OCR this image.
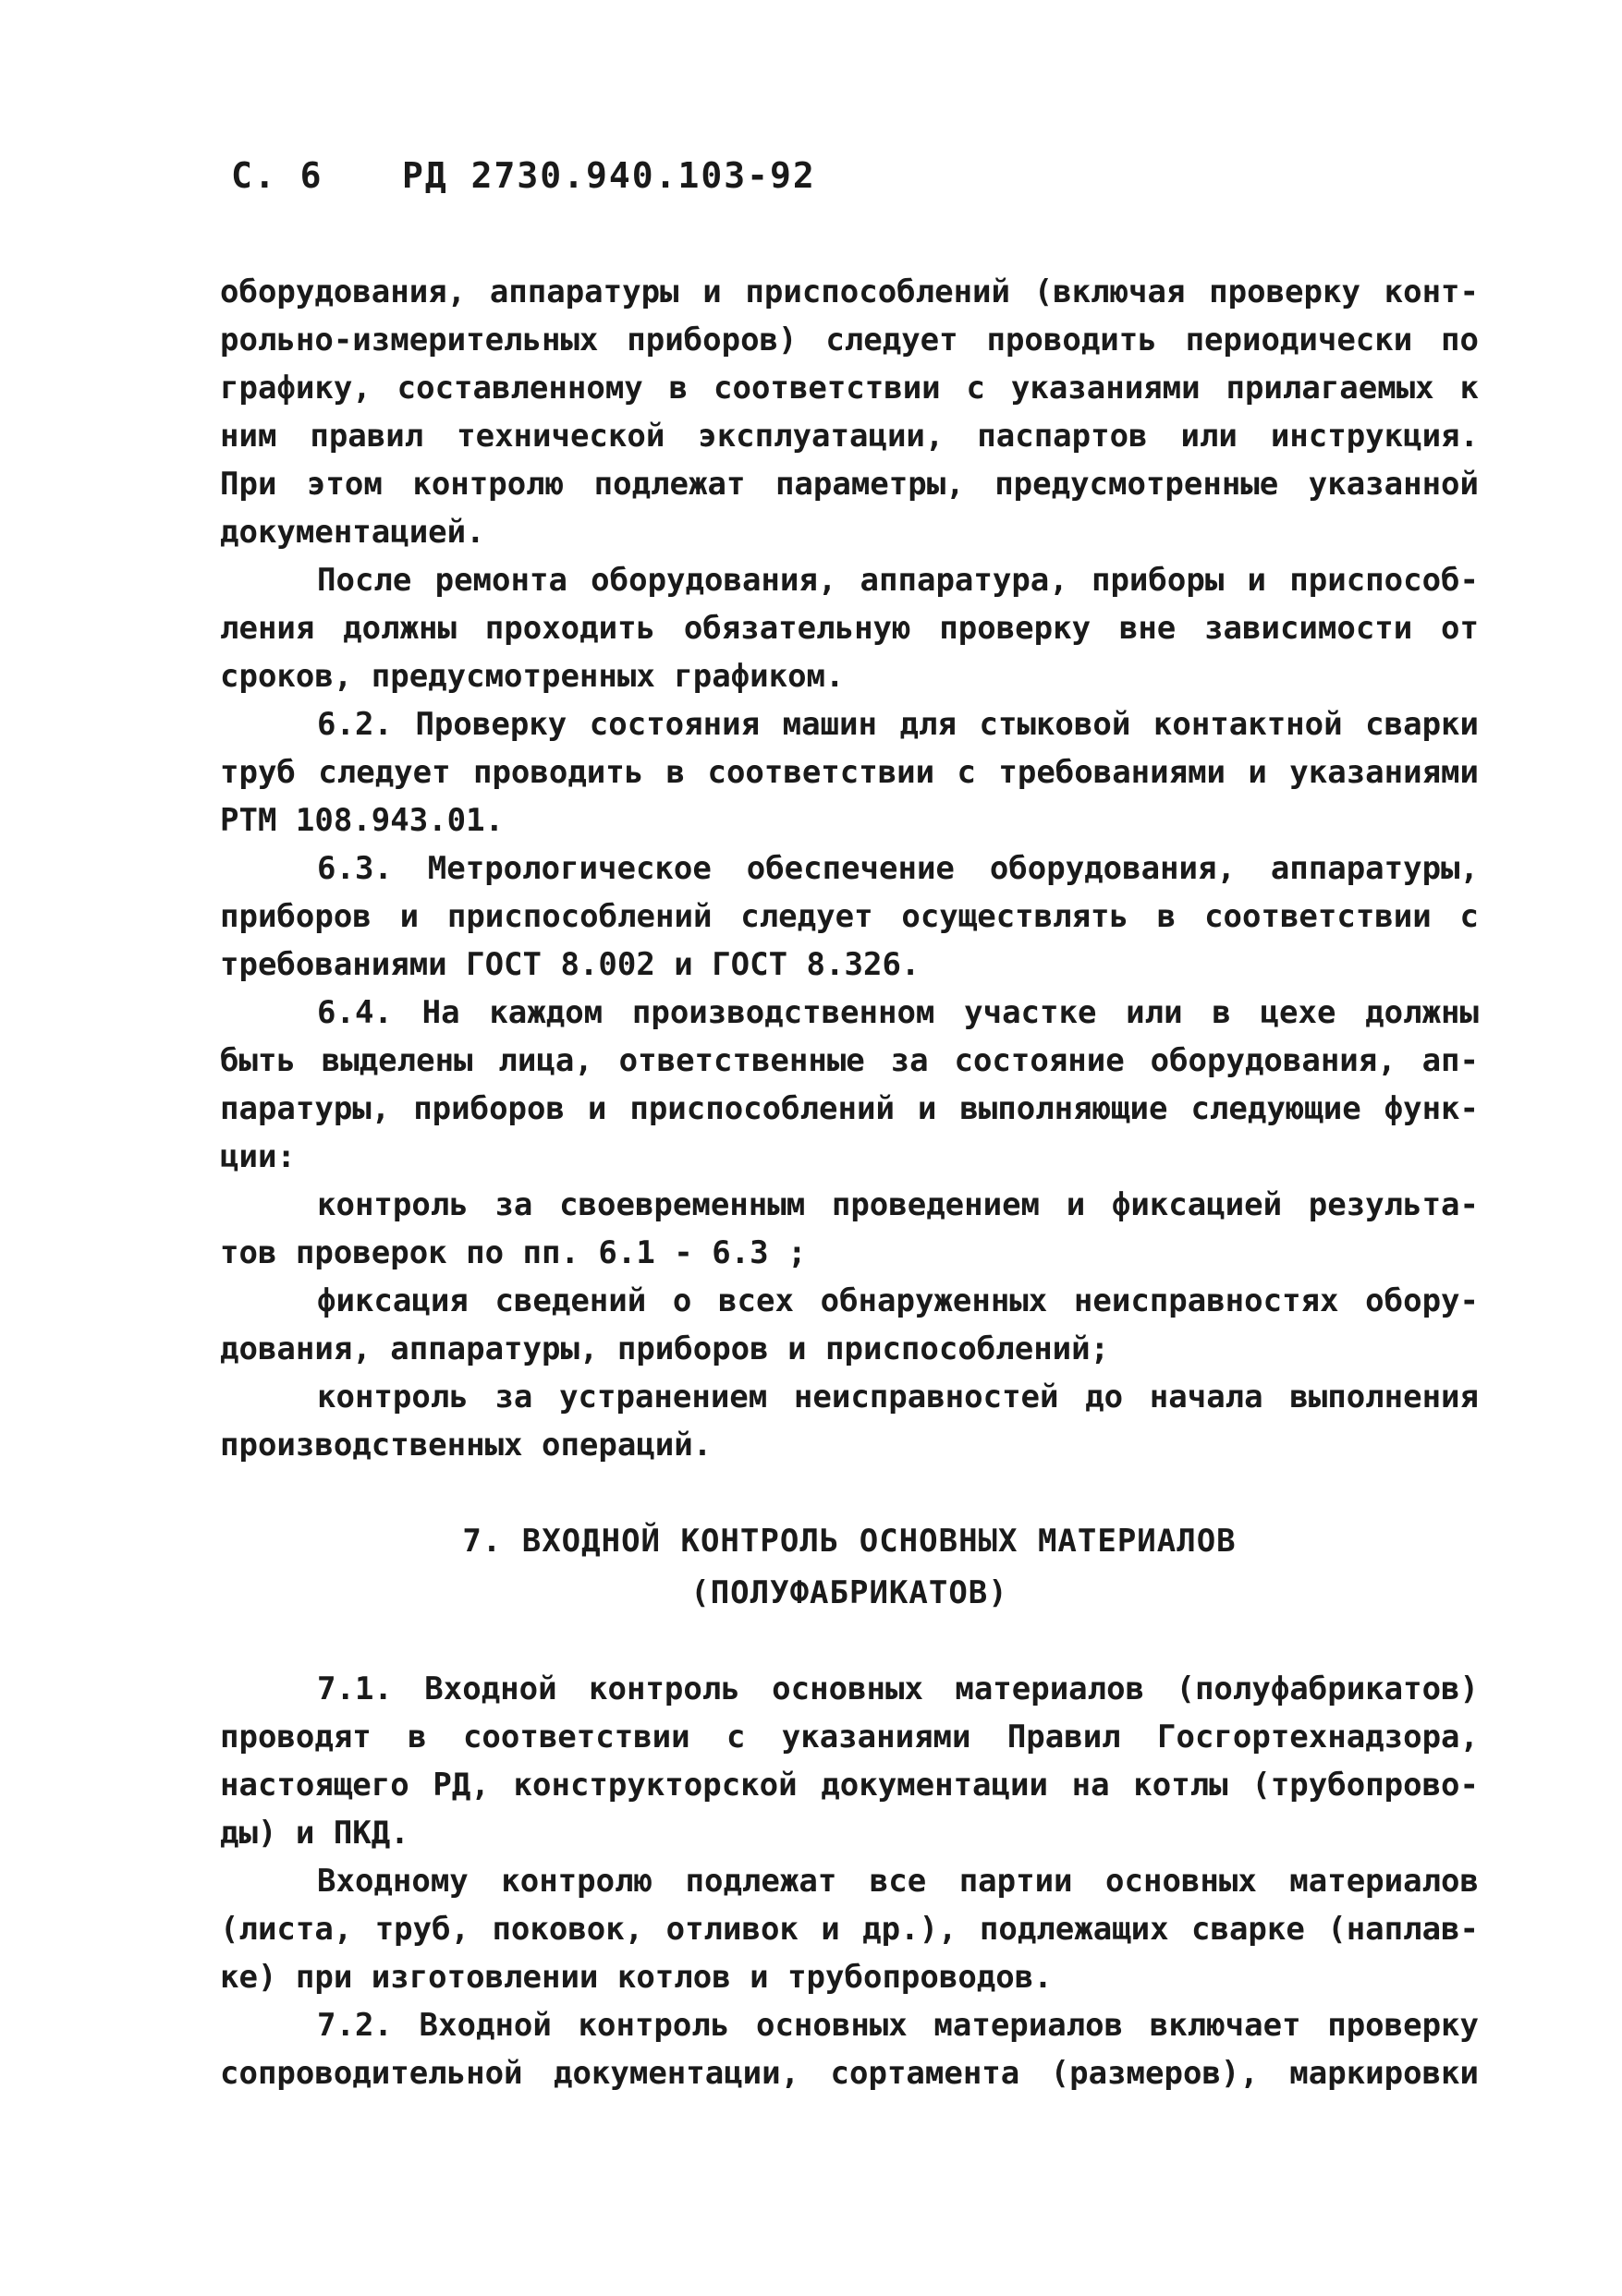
С. 6 РД 2730.940.103-92
оборудования, аппаратуры и приспособлений (включая проверку конт-
рольно-измерительных приборов) следует проводить периодически по
графику, составленному в соответствии с указаниями прилагаемых к
ним правил технической эксплуатации, паспартов или инструкция.
При этом контролю подлежат параметры, предусмотренные указанной
документацией.
После ремонта оборудования, аппаратура, приборы и приспособ-
ления должны проходить обязательную проверку вне зависимости от
сроков, предусмотренных графиком.
6.2. Проверку состояния машин для стыковой контактной сварки
труб следует проводить в соответствии с требованиями и указаниями
РТМ 108.943.01.
6.3. Метрологическое обеспечение оборудования, аппаратуры,
приборов и приспособлений следует осуществлять в соответствии с
требованиями ГОСТ 8.002 и ГОСТ 8.326.
6.4. На каждом производственном участке или в цехе должны
быть выделены лица, ответственные за состояние оборудования, ап-
паратуры, приборов и приспособлений и выполняющие следующие функ-
ции:
контроль за своевременным проведением и фиксацией результа-
тов проверок по пп. 6.1 - 6.3 ;
фиксация сведений о всех обнаруженных неисправностях обору-
дования, аппаратуры, приборов и приспособлений;
контроль за устранением неисправностей до начала выполнения
производственных операций.
7. ВХОДНОЙ КОНТРОЛЬ ОСНОВНЫХ МАТЕРИАЛОВ
(ПОЛУФАБРИКАТОВ)
7.1. Входной контроль основных материалов (полуфабрикатов)
проводят в соответствии с указаниями Правил Госгортехнадзора,
настоящего РД, конструкторской документации на котлы (трубопрово-
ды) и ПКД.
Входному контролю подлежат все партии основных материалов
(листа, труб, поковок, отливок и др.), подлежащих сварке (наплав-
ке) при изготовлении котлов и трубопроводов.
7.2. Входной контроль основных материалов включает проверку
сопроводительной документации, сортамента (размеров), маркировки
